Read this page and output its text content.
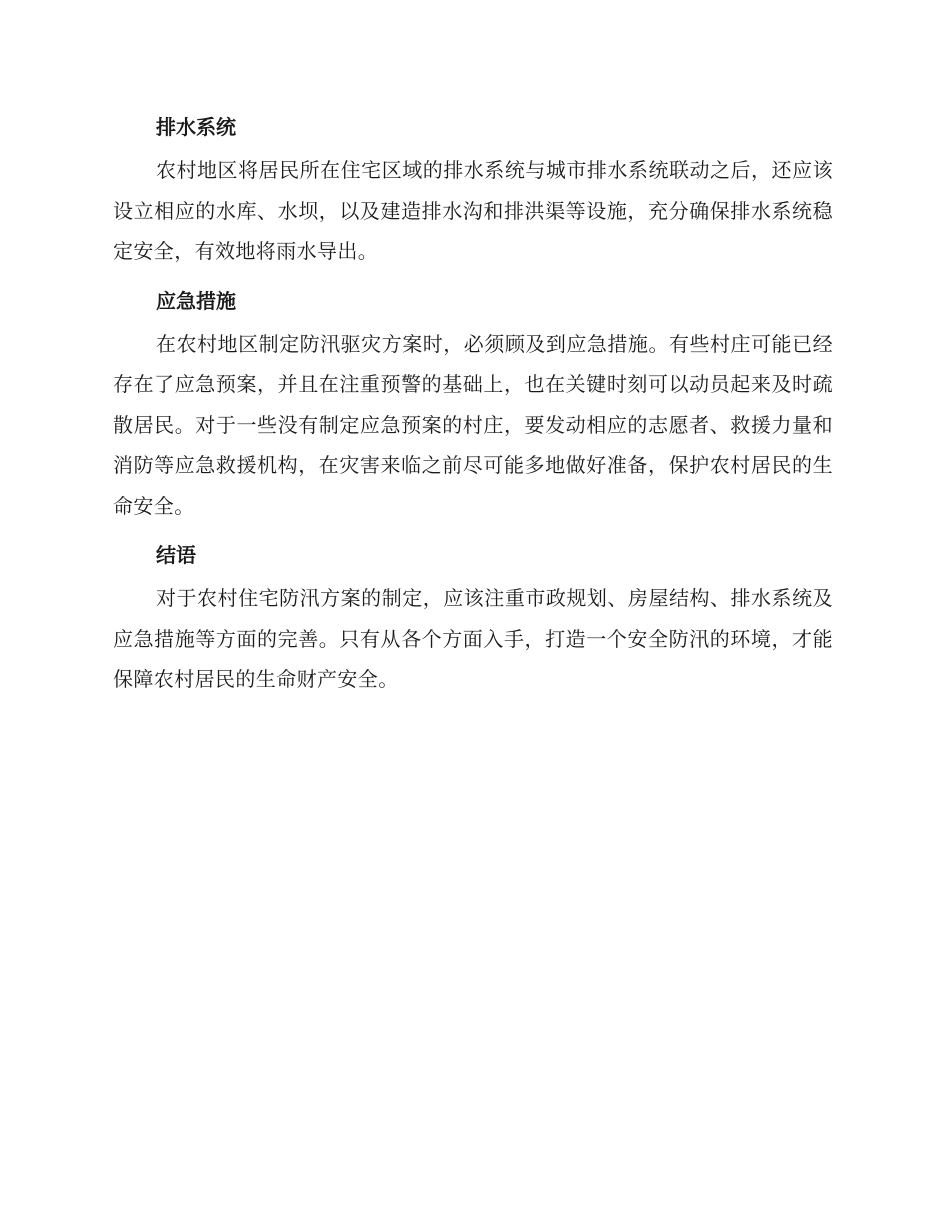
排水系统

农村地区将居民所在住宅区域的排水系统与城市排水系统联动之后，还应该设立相应的水库、水坝，以及建造排水沟和排洪渠等设施，充分确保排水系统稳定安全，有效地将雨水导出。

应急措施

在农村地区制定防汛驱灾方案时，必须顾及到应急措施。有些村庄可能已经存在了应急预案，并且在注重预警的基础上，也在关键时刻可以动员起来及时疏散居民。对于一些没有制定应急预案的村庄，要发动相应的志愿者、救援力量和消防等应急救援机构，在灾害来临之前尽可能多地做好准备，保护农村居民的生命安全。

结语

对于农村住宅防汛方案的制定，应该注重市政规划、房屋结构、排水系统及应急措施等方面的完善。只有从各个方面入手，打造一个安全防汛的环境，才能保障农村居民的生命财产安全。
